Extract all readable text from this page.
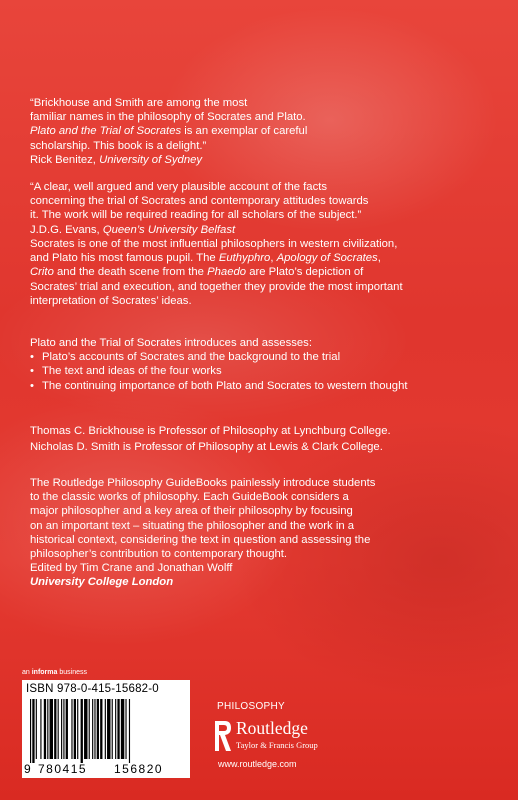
“Brickhouse and Smith are among the most

familiar names in the philosophy of Socrates and Plato.

Plato and the Trial of Socrates is an exemplar of careful

scholarship. This book is a delight.”

Rick Benitez, University of Sydney

“A clear, well argued and very plausible account of the facts

concerning the trial of Socrates and contemporary attitudes towards

it. The work will be required reading for all scholars of the subject.”

J.D.G. Evans, Queen’s University Belfast

Socrates is one of the most influential philosophers in western civilization,

and Plato his most famous pupil. The Euthyphro, Apology of Socrates,

Crito and the death scene from the Phaedo are Plato’s depiction of

Socrates’ trial and execution, and together they provide the most important

interpretation of Socrates’ ideas.

Plato and the Trial of Socrates introduces and assesses:

• Plato’s accounts of Socrates and the background to the trial
• The text and ideas of the four works
• The continuing importance of both Plato and Socrates to western thought

Thomas C. Brickhouse is Professor of Philosophy at Lynchburg College.

Nicholas D. Smith is Professor of Philosophy at Lewis & Clark College.

The Routledge Philosophy GuideBooks painlessly introduce students

to the classic works of philosophy. Each GuideBook considers a

major philosopher and a key area of their philosophy by focusing

on an important text – situating the philosopher and the work in a

historical context, considering the text in question and assessing the

philosopher’s contribution to contemporary thought.

Edited by Tim Crane and Jonathan Wolff

University College London

an informa business
ISBN 978-0-415-15682-0
9 780415 156820
PHILOSOPHY
Routledge
Taylor & Francis Group
www.routledge.com
